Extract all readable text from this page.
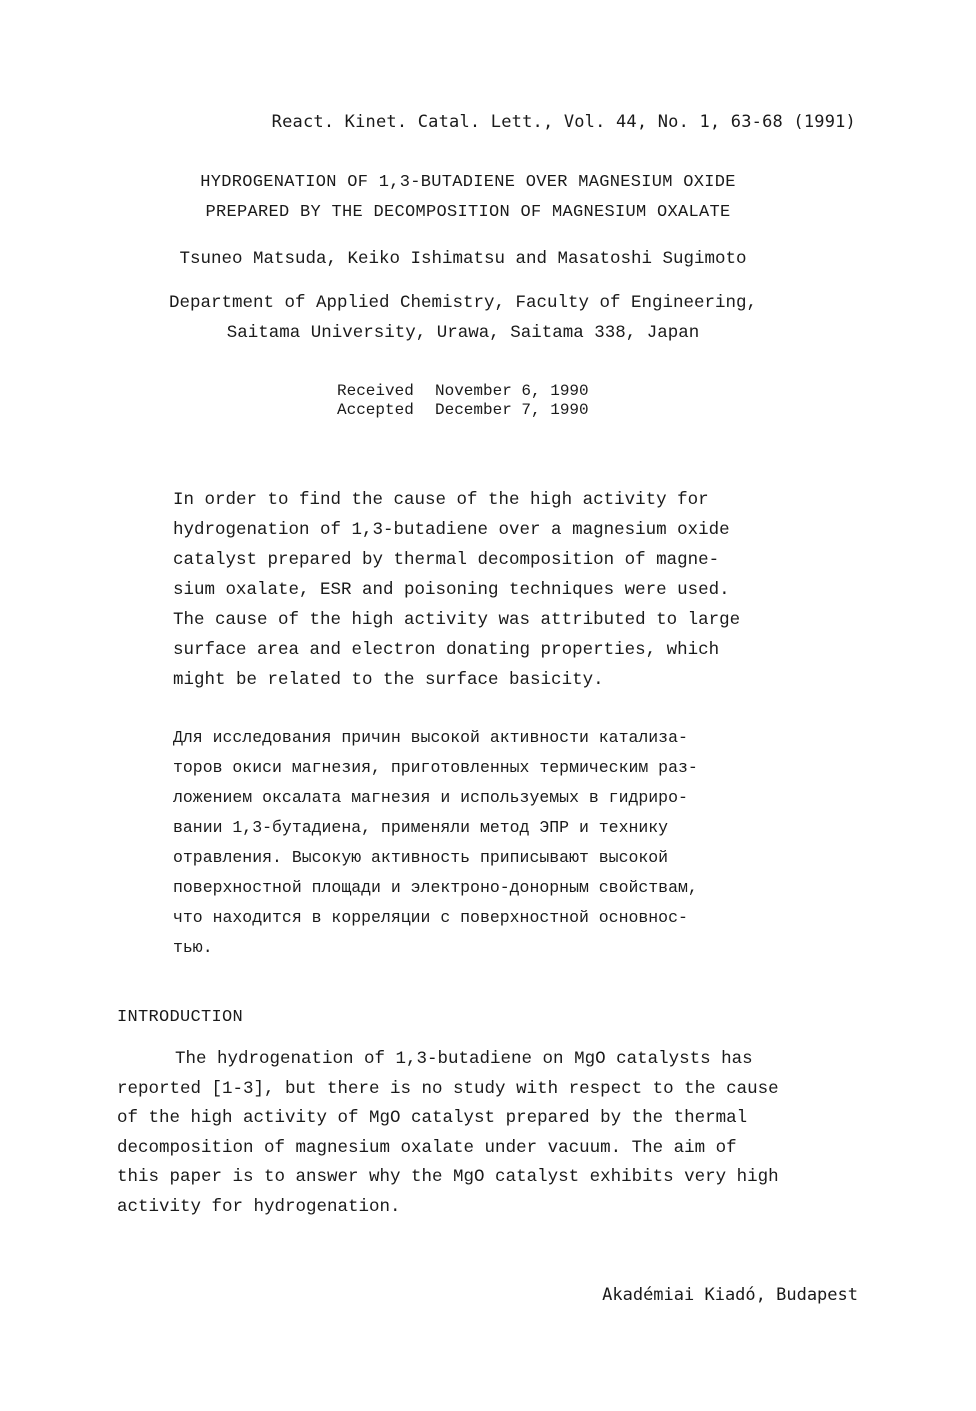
React. Kinet. Catal. Lett., Vol. 44, No. 1, 63-68 (1991)
HYDROGENATION OF 1,3-BUTADIENE OVER MAGNESIUM OXIDE
PREPARED BY THE DECOMPOSITION OF MAGNESIUM OXALATE
Tsuneo Matsuda, Keiko Ishimatsu and Masatoshi Sugimoto
Department of Applied Chemistry, Faculty of Engineering,
Saitama University, Urawa, Saitama 338, Japan
Received November 6, 1990
Accepted December 7, 1990
In order to find the cause of the high activity for
hydrogenation of 1,3-butadiene over a magnesium oxide
catalyst prepared by thermal decomposition of magne-
sium oxalate, ESR and poisoning techniques were used.
The cause of the high activity was attributed to large
surface area and electron donating properties, which
might be related to the surface basicity.
Для исследования причин высокой активности катализа-
торов окиси магнезия, приготовленных термическим раз-
ложением оксалата магнезия и используемых в гидриро-
вании 1,3-бутадиена, применяли метод ЭПР и технику
отравления. Высокую активность приписывают высокой
поверхностной площади и электроно-донорным свойствам,
что находится в корреляции с поверхностной основнос-
тью.
INTRODUCTION
The hydrogenation of 1,3-butadiene on MgO catalysts has
reported [1-3], but there is no study with respect to the cause
of the high activity of MgO catalyst prepared by the thermal
decomposition of magnesium oxalate under vacuum. The aim of
this paper is to answer why the MgO catalyst exhibits very high
activity for hydrogenation.
Akadémiai Kiadó, Budapest
